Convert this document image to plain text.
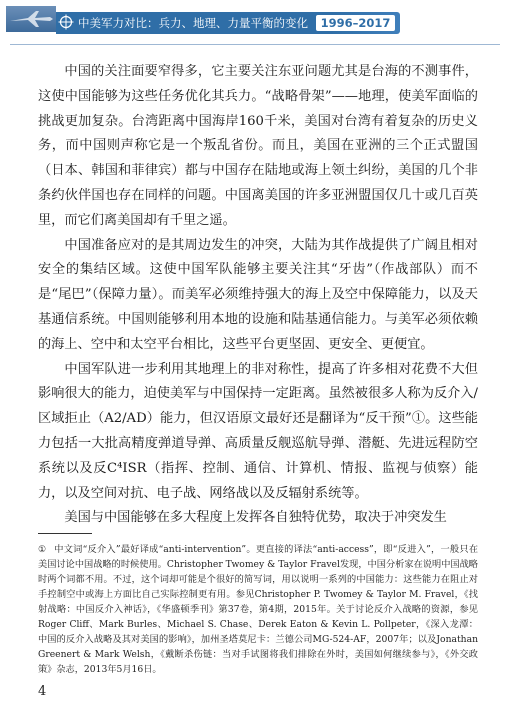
中美军力对比：兵力、地理、力量平衡的变化 1996–2017

中国的关注面要窄得多，它主要关注东亚问题尤其是台海的不测事件，这使中国能够为这些任务优化其兵力。“战略骨架”——地理，使美军面临的挑战更加复杂。台湾距离中国海岸160千米，美国对台湾有着复杂的历史义务，而中国则声称它是一个叛乱省份。而且，美国在亚洲的三个正式盟国（日本、韩国和菲律宾）都与中国存在陆地或海上领土纠纷，美国的几个非条约伙伴国也存在同样的问题。中国离美国的许多亚洲盟国仅几十或几百英里，而它们离美国却有千里之遥。

中国准备应对的是其周边发生的冲突，大陆为其作战提供了广阔且相对安全的集结区域。这使中国军队能够主要关注其“牙齿”（作战部队）而不是“尾巴”（保障力量）。而美军必须维持强大的海上及空中保障能力，以及天基通信系统。中国则能够利用本地的设施和陆基通信能力。与美军必须依赖的海上、空中和太空平台相比，这些平台更坚固、更安全、更便宜。

中国军队进一步利用其地理上的非对称性，提高了许多相对花费不大但影响很大的能力，迫使美军与中国保持一定距离。虽然被很多人称为反介入/区域拒止（A2/AD）能力，但汉语原文最好还是翻译为“反干预”①。这些能力包括一大批高精度弹道导弹、高质量反舰巡航导弹、潜艇、先进远程防空系统以及反C⁴ISR（指挥、控制、通信、计算机、情报、监视与侦察）能力，以及空间对抗、电子战、网络战以及反辐射系统等。

美国与中国能够在多大程度上发挥各自独特优势，取决于冲突发生

① 中文词“反介入”最好译成“anti-intervention”。更直接的译法“anti-access”，即“反进入”，一般只在美国讨论中国战略的时候使用。Christopher Twomey & Taylor Fravel发现，中国分析家在说明中国战略时两个词都不用。不过，这个词却可能是个很好的简写词，用以说明一系列的中国能力：这些能力在阻止对手控制空中或海上方面比自己实际控制更有用。参见Christopher P. Twomey & Taylor M. Fravel，《找射战略：中国反介入神话》，《华盛顿季刊》第37卷，第4期，2015年。关于讨论反介入战略的资源，参见Roger Cliff、Mark Burles、Michael S. Chase、Derek Eaton & Kevin L. Pollpeter，《深入龙潭：中国的反介入战略及其对美国的影响》，加州圣塔莫尼卡：兰德公司MG-524-AF，2007年；以及Jonathan Greenert & Mark Welsh，《戴断杀伤链：当对手试图将我们排除在外时，美国如何继续参与》，《外交政策》杂志，2013年5月16日。
4
